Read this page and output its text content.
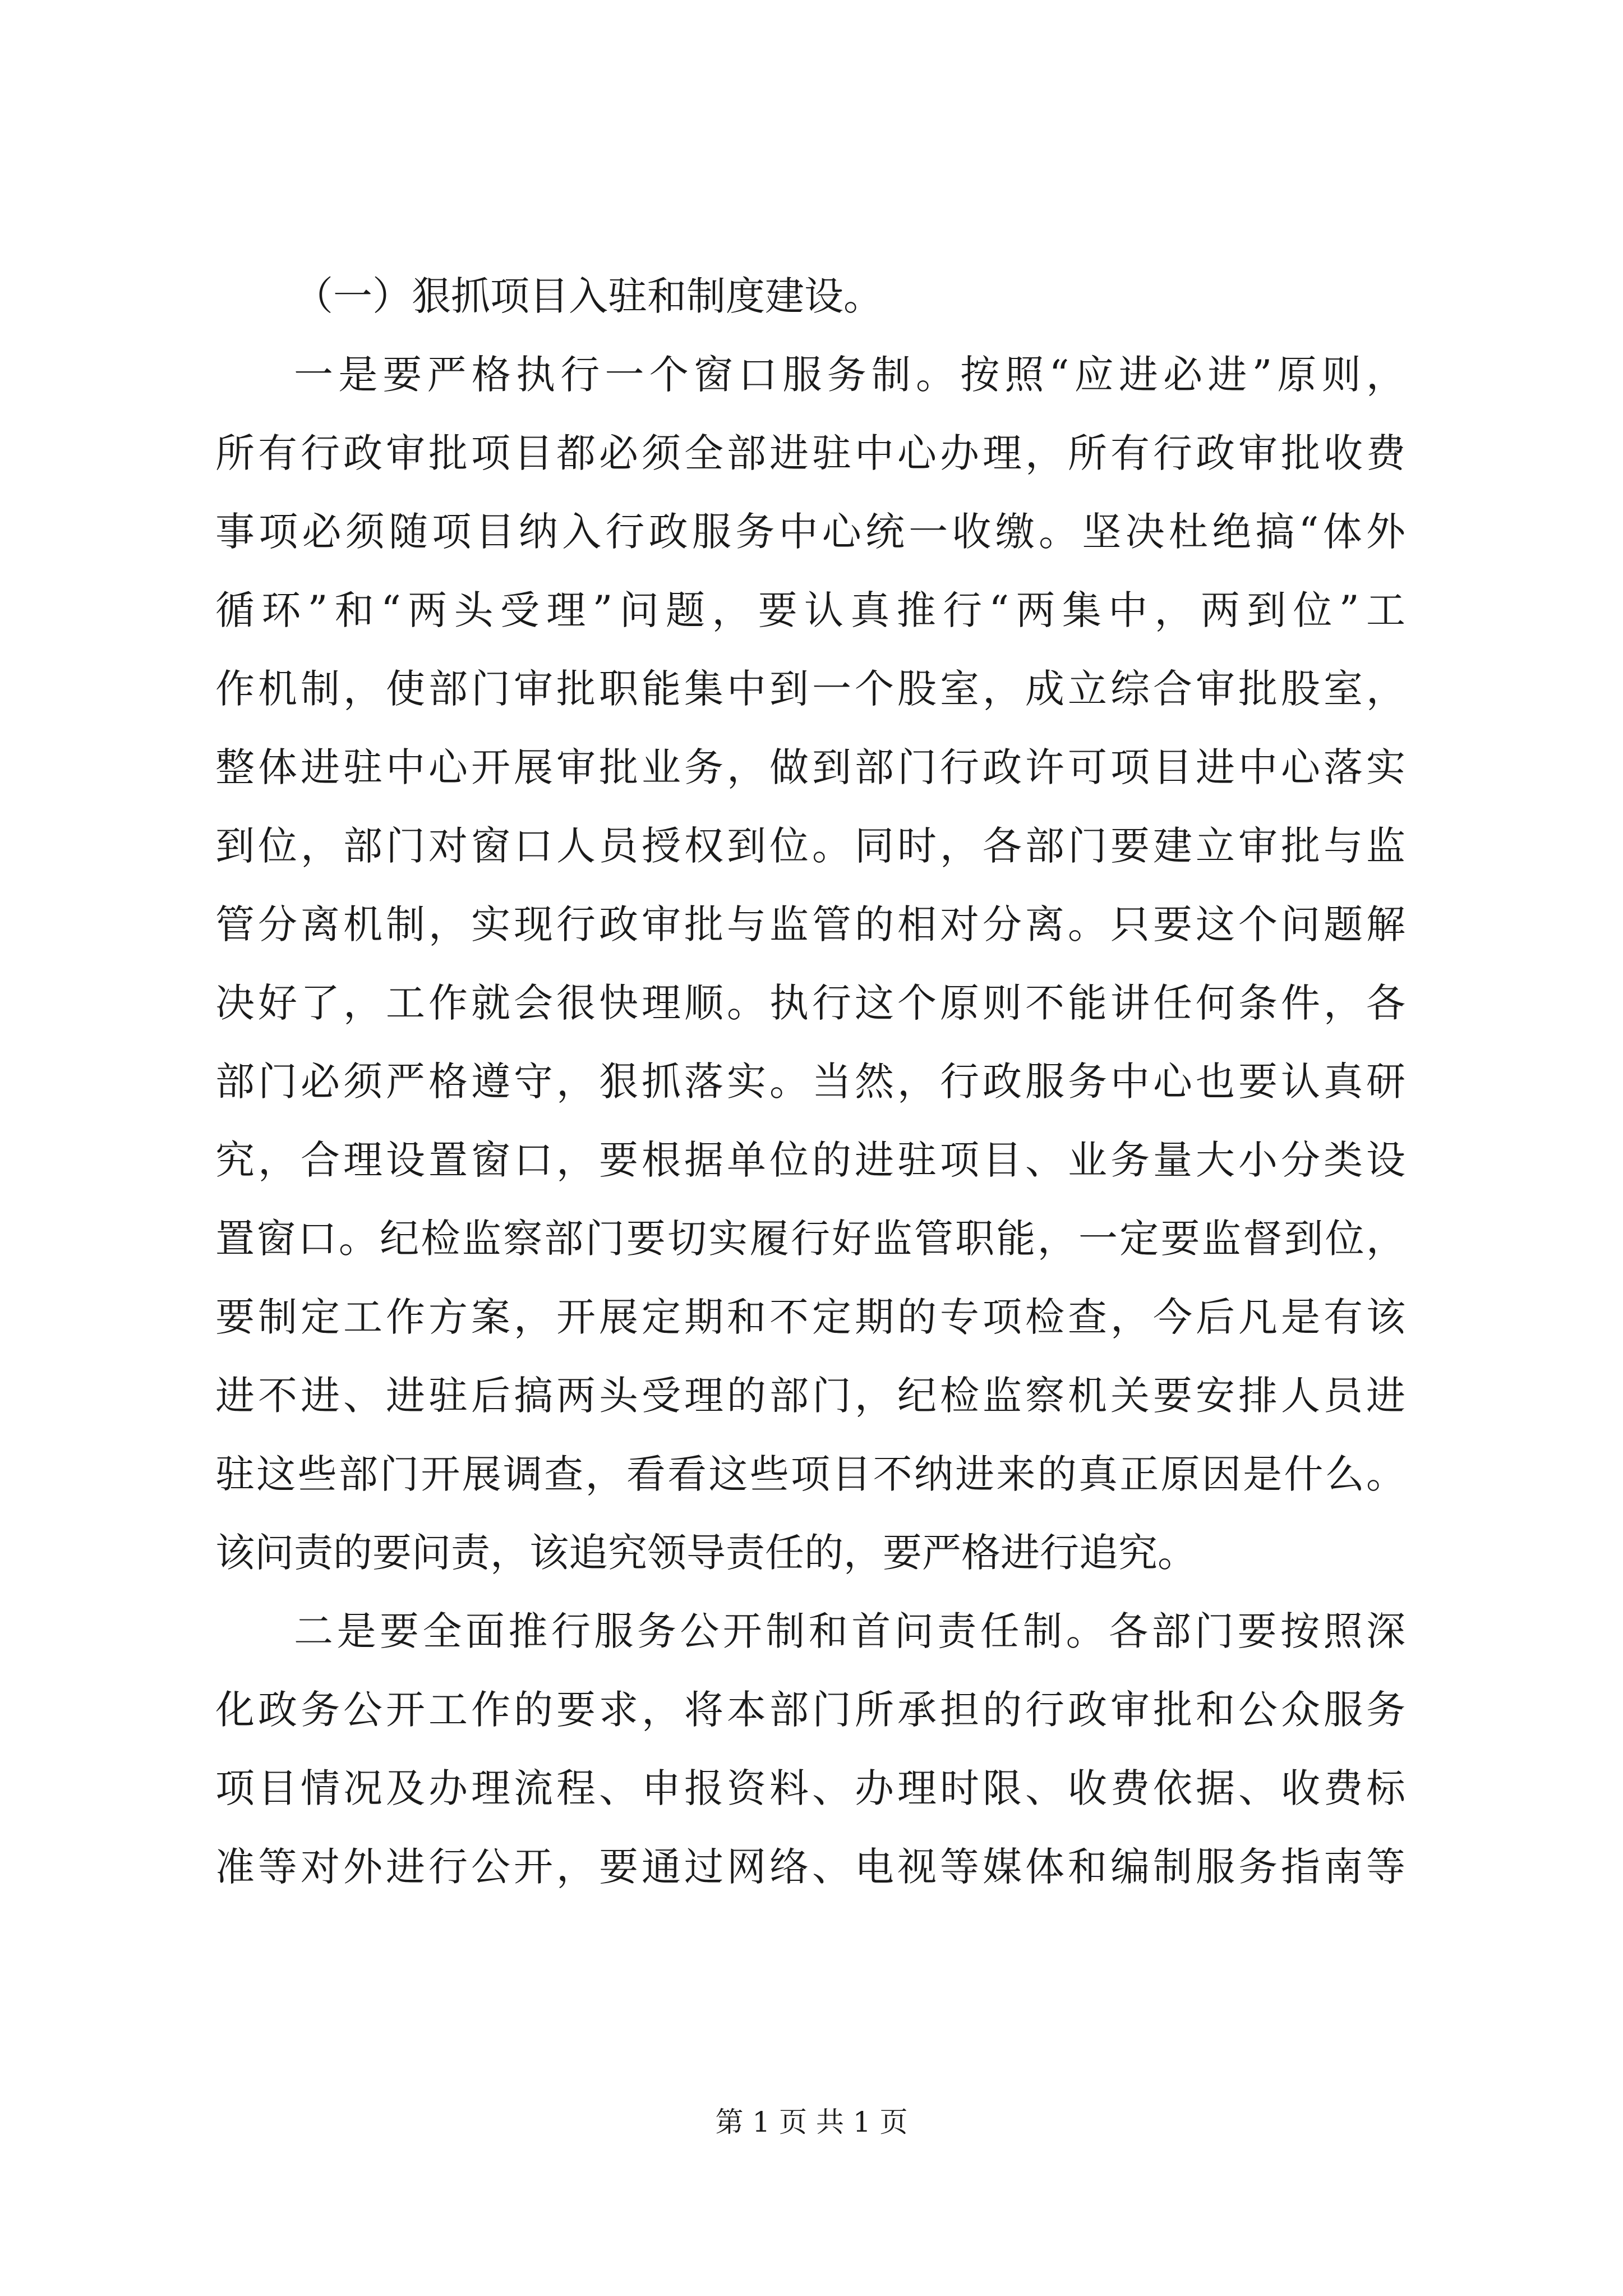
（一）狠抓项目入驻和制度建设。
一是要严格执行一个窗口服务制。按照“应进必进”原则，
所有行政审批项目都必须全部进驻中心办理，所有行政审批收费
事项必须随项目纳入行政服务中心统一收缴。坚决杜绝搞“体外
循环”和“两头受理”问题，要认真推行“两集中，两到位”工
作机制，使部门审批职能集中到一个股室，成立综合审批股室，
整体进驻中心开展审批业务，做到部门行政许可项目进中心落实
到位，部门对窗口人员授权到位。同时，各部门要建立审批与监
管分离机制，实现行政审批与监管的相对分离。只要这个问题解
决好了，工作就会很快理顺。执行这个原则不能讲任何条件，各
部门必须严格遵守，狠抓落实。当然，行政服务中心也要认真研
究，合理设置窗口，要根据单位的进驻项目、业务量大小分类设
置窗口。纪检监察部门要切实履行好监管职能，一定要监督到位，
要制定工作方案，开展定期和不定期的专项检查，今后凡是有该
进不进、进驻后搞两头受理的部门，纪检监察机关要安排人员进
驻这些部门开展调查，看看这些项目不纳进来的真正原因是什么。
该问责的要问责，该追究领导责任的，要严格进行追究。
二是要全面推行服务公开制和首问责任制。各部门要按照深
化政务公开工作的要求，将本部门所承担的行政审批和公众服务
项目情况及办理流程、申报资料、办理时限、收费依据、收费标
准等对外进行公开，要通过网络、电视等媒体和编制服务指南等
第 1 页 共 1 页
